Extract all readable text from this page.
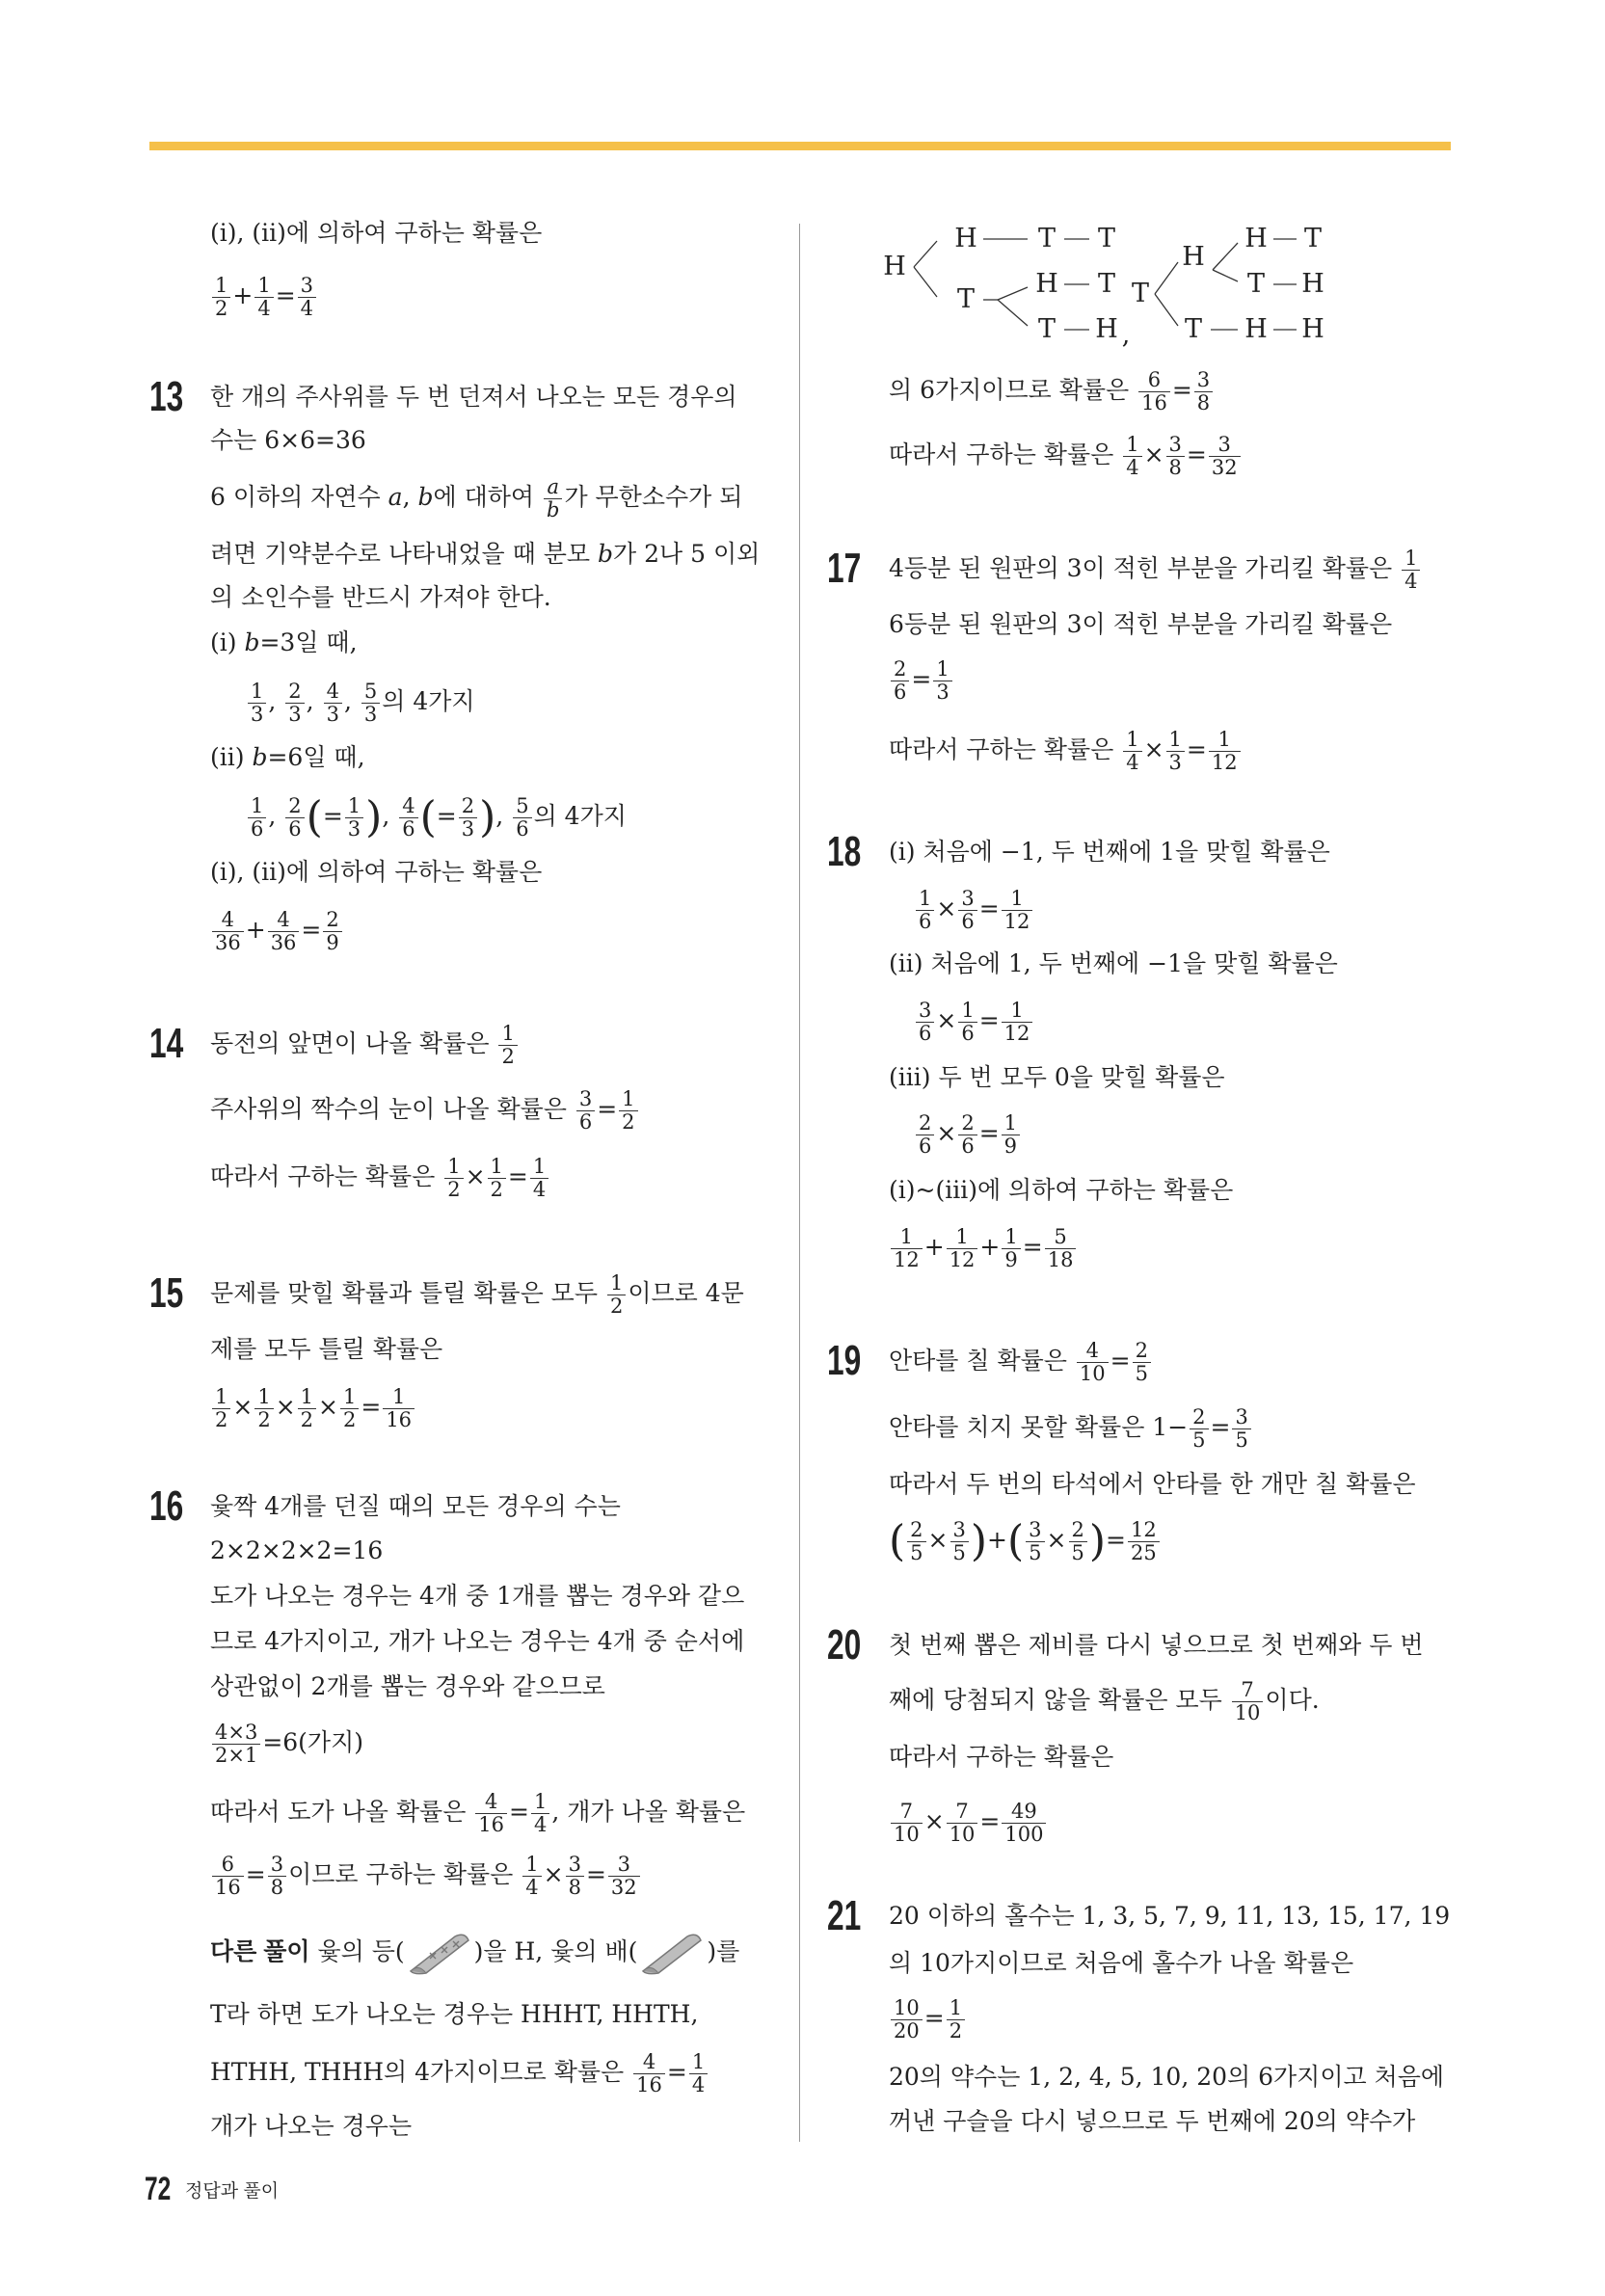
(i), (ii)에 의하여 구하는 확률은
$\frac{1}{2} + \frac{1}{4} = \frac{3}{4}$
13 한 개의 주사위를 두 번 던져서 나오는 모든 경우의
수는 6×6=36
6 이하의 자연수 a, b에 대하여 $\frac{a}{b}$ 가 무한소수가 되
려면 기약분수로 나타내었을 때 분모 b가 2나 5 이외
의 소인수를 반드시 가져야 한다.
(i) b=3일 때,
$\frac{1}{3}$ , $\frac{2}{3}$ , $\frac{4}{3}$ , $\frac{5}{3}$ 의 4가지
(ii) b=6일 때,
$\frac{1}{6}$ , $\frac{2}{6}$ (= $\frac{1}{3}$ ), $\frac{4}{6}$ (= $\frac{2}{3}$ ), $\frac{5}{6}$ 의 4가지
(i), (ii)에 의하여 구하는 확률은
$\frac{4}{36} + \frac{4}{36} = \frac{2}{9}$
14 동전의 앞면이 나올 확률은 $\frac{1}{2}$
주사위의 짝수의 눈이 나올 확률은 $\frac{3}{6} = \frac{1}{2}$
따라서 구하는 확률은 $\frac{1}{2} \times \frac{1}{2} = \frac{1}{4}$
15 문제를 맞힐 확률과 틀릴 확률은 모두 $\frac{1}{2}$ 이므로 4문
제를 모두 틀릴 확률은
$\frac{1}{2} \times \frac{1}{2} \times \frac{1}{2} \times \frac{1}{2} = \frac{1}{16}$
16 윷짝 4개를 던질 때의 모든 경우의 수는
2×2×2×2=16
도가 나오는 경우는 4개 중 1개를 뽑는 경우와 같으
므로 4가지이고, 개가 나오는 경우는 4개 중 순서에
상관없이 2개를 뽑는 경우와 같으므로
$\frac{4\times 3}{2\times 1} =6$(가지)
따라서 도가 나올 확률은 $\frac{4}{16} = \frac{1}{4}$ , 개가 나올 확률은
$\frac{6}{16} = \frac{3}{8}$ 이므로 구하는 확률은 $\frac{1}{4} \times \frac{3}{8} = \frac{3}{32}$
다른 풀이 윷의 등(	)을 H, 윷의 배(	)를
T라 하면 도가 나오는 경우는 HHHT, HHTH,
HTHH, THHH의 4가지이므로 확률은 $\frac{4}{16} = \frac{1}{4}$
개가 나오는 경우는
의 6가지이므로 확률은 $\frac{6}{16} = \frac{3}{8}$
따라서 구하는 확률은 $\frac{1}{4} \times \frac{3}{8} = \frac{3}{32}$
17 4등분 된 원판의 3이 적힌 부분을 가리킬 확률은 $\frac{1}{4}$
6등분 된 원판의 3이 적힌 부분을 가리킬 확률은
$\frac{2}{6} = \frac{1}{3}$
따라서 구하는 확률은 $\frac{1}{4} \times \frac{1}{3} = \frac{1}{12}$
18 (i) 처음에 −1, 두 번째에 1을 맞힐 확률은
$\frac{1}{6} \times \frac{3}{6} = \frac{1}{12}$
(ii) 처음에 1, 두 번째에 −1을 맞힐 확률은
$\frac{3}{6} \times \frac{1}{6} = \frac{1}{12}$
(iii) 두 번 모두 0을 맞힐 확률은
$\frac{2}{6} \times \frac{2}{6} = \frac{1}{9}$
(i)~(iii)에 의하여 구하는 확률은
$\frac{1}{12} + \frac{1}{12} + \frac{1}{9} = \frac{5}{18}$
19 안타를 칠 확률은 $\frac{4}{10} = \frac{2}{5}$
안타를 치지 못할 확률은 $1- \frac{2}{5} = \frac{3}{5}$
따라서 두 번의 타석에서 안타를 한 개만 칠 확률은
( $\frac{2}{5} \times \frac{3}{5}$ )+( $\frac{3}{5} \times \frac{2}{5}$ )= $\frac{12}{25}$
20 첫 번째 뽑은 제비를 다시 넣으므로 첫 번째와 두 번
째에 당첨되지 않을 확률은 모두 $\frac{7}{10}$ 이다.
따라서 구하는 확률은
$\frac{7}{10} \times \frac{7}{10} = \frac{49}{100}$
21 20 이하의 홀수는 1, 3, 5, 7, 9, 11, 13, 15, 17, 19
의 10가지이므로 처음에 홀수가 나올 확률은
$\frac{10}{20} = \frac{1}{2}$
20의 약수는 1, 2, 4, 5, 10, 20의 6가지이고 처음에
꺼낸 구슬을 다시 넣으므로 두 번째에 20의 약수가
H
H
T
T T
H T
T H ,
T
H
H T
T H
T H H
72 정답과 풀이
